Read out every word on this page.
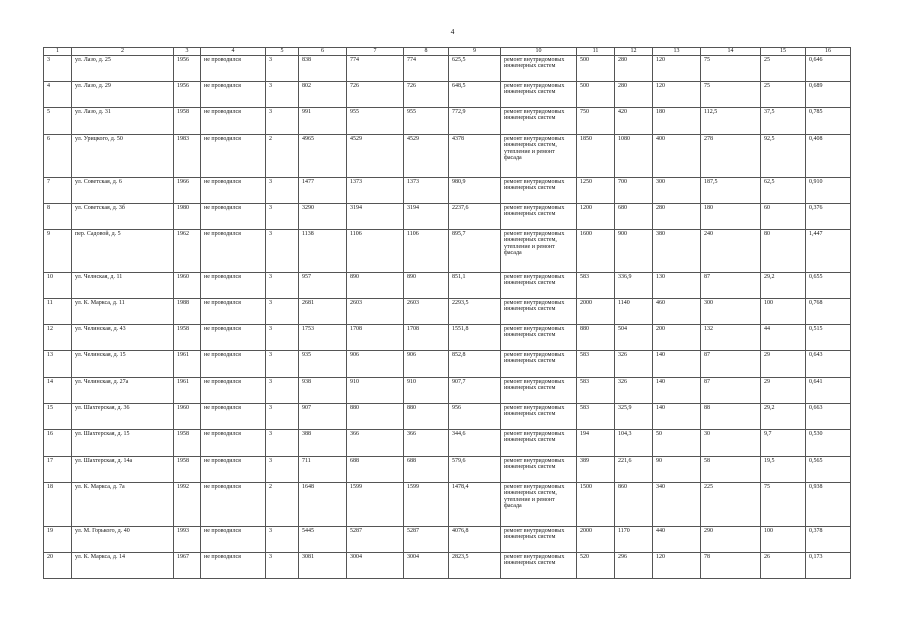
4
1	2	3	4	5	6	7	8	9	10	11	12	13	14	15	16
3	ул. Лазо, д. 25	1956	не проводился	3	838	774	774	625,5	ремонт внутридомовых инженерных систем	500	280	120	75	25	0,646
4	ул. Лазо, д. 29	1956	не проводился	3	802	726	726	648,5	ремонт внутридомовых инженерных систем	500	280	120	75	25	0,689
5	ул. Лазо, д. 31	1958	не проводился	3	991	955	955	772,9	ремонт внутридомовых инженерных систем	750	420	180	112,5	37,5	0,785
6	ул. Урицкого, д. 50	1983	не проводился	2	4965	4529	4529	4378	ремонт внутридомовых инженерных систем, утепление и ремонт фасада	1850	1080	400	278	92,5	0,408
7	ул. Советская, д. 6	1966	не проводился	3	1477	1373	1373	980,9	ремонт внутридомовых инженерных систем	1250	700	300	187,5	62,5	0,910
8	ул. Советская, д. 3б	1980	не проводился	3	3290	3194	3194	2237,6	ремонт внутридомовых инженерных систем	1200	680	280	180	60	0,376
9	пер. Садовой, д. 5	1962	не проводился	3	1138	1106	1106	895,7	ремонт внутридомовых инженерных систем, утепление и ремонт фасада	1600	900	380	240	80	1,447
10	ул. Челнская, д. 11	1960	не проводился	3	957	890	890	851,1	ремонт внутридомовых инженерных систем	583	336,9	130	87	29,2	0,655
11	ул. К. Маркса, д. 11	1988	не проводился	3	2681	2603	2603	2293,5	ремонт внутридомовых инженерных систем	2000	1140	460	300	100	0,768
12	ул. Челинская, д. 43	1958	не проводился	3	1753	1708	1708	1551,8	ремонт внутридомовых инженерных систем	880	504	200	132	44	0,515
13	ул. Челинская, д. 15	1961	не проводился	3	935	906	906	852,8	ремонт внутридомовых инженерных систем	583	326	140	87	29	0,643
14	ул. Челинская, д. 27а	1961	не проводился	3	938	910	910	907,7	ремонт внутридомовых инженерных систем	583	326	140	87	29	0,641
15	ул. Шахтерская, д. 36	1960	не проводился	3	907	880	880	956	ремонт внутридомовых инженерных систем	583	325,9	140	88	29,2	0,663
16	ул. Шахтерская, д. 15	1958	не проводился	3	388	366	366	344,6	ремонт внутридомовых инженерных систем	194	104,3	50	30	9,7	0,530
17	ул. Шахтерская, д. 14а	1958	не проводился	3	711	688	688	579,6	ремонт внутридомовых инженерных систем	389	221,6	90	58	19,5	0,565
18	ул. К. Маркса, д. 7а	1992	не проводился	2	1648	1599	1599	1478,4	ремонт внутридомовых инженерных систем, утепление и ремонт фасада	1500	860	340	225	75	0,938
19	ул. М. Горького, д. 40	1993	не проводился	3	5445	5287	5287	4076,8	ремонт внутридомовых инженерных систем	2000	1170	440	290	100	0,378
20	ул. К. Маркса, д. 14	1967	не проводился	3	3081	3004	3004	2823,5	ремонт внутридомовых инженерных систем	520	296	120	78	26	0,173
